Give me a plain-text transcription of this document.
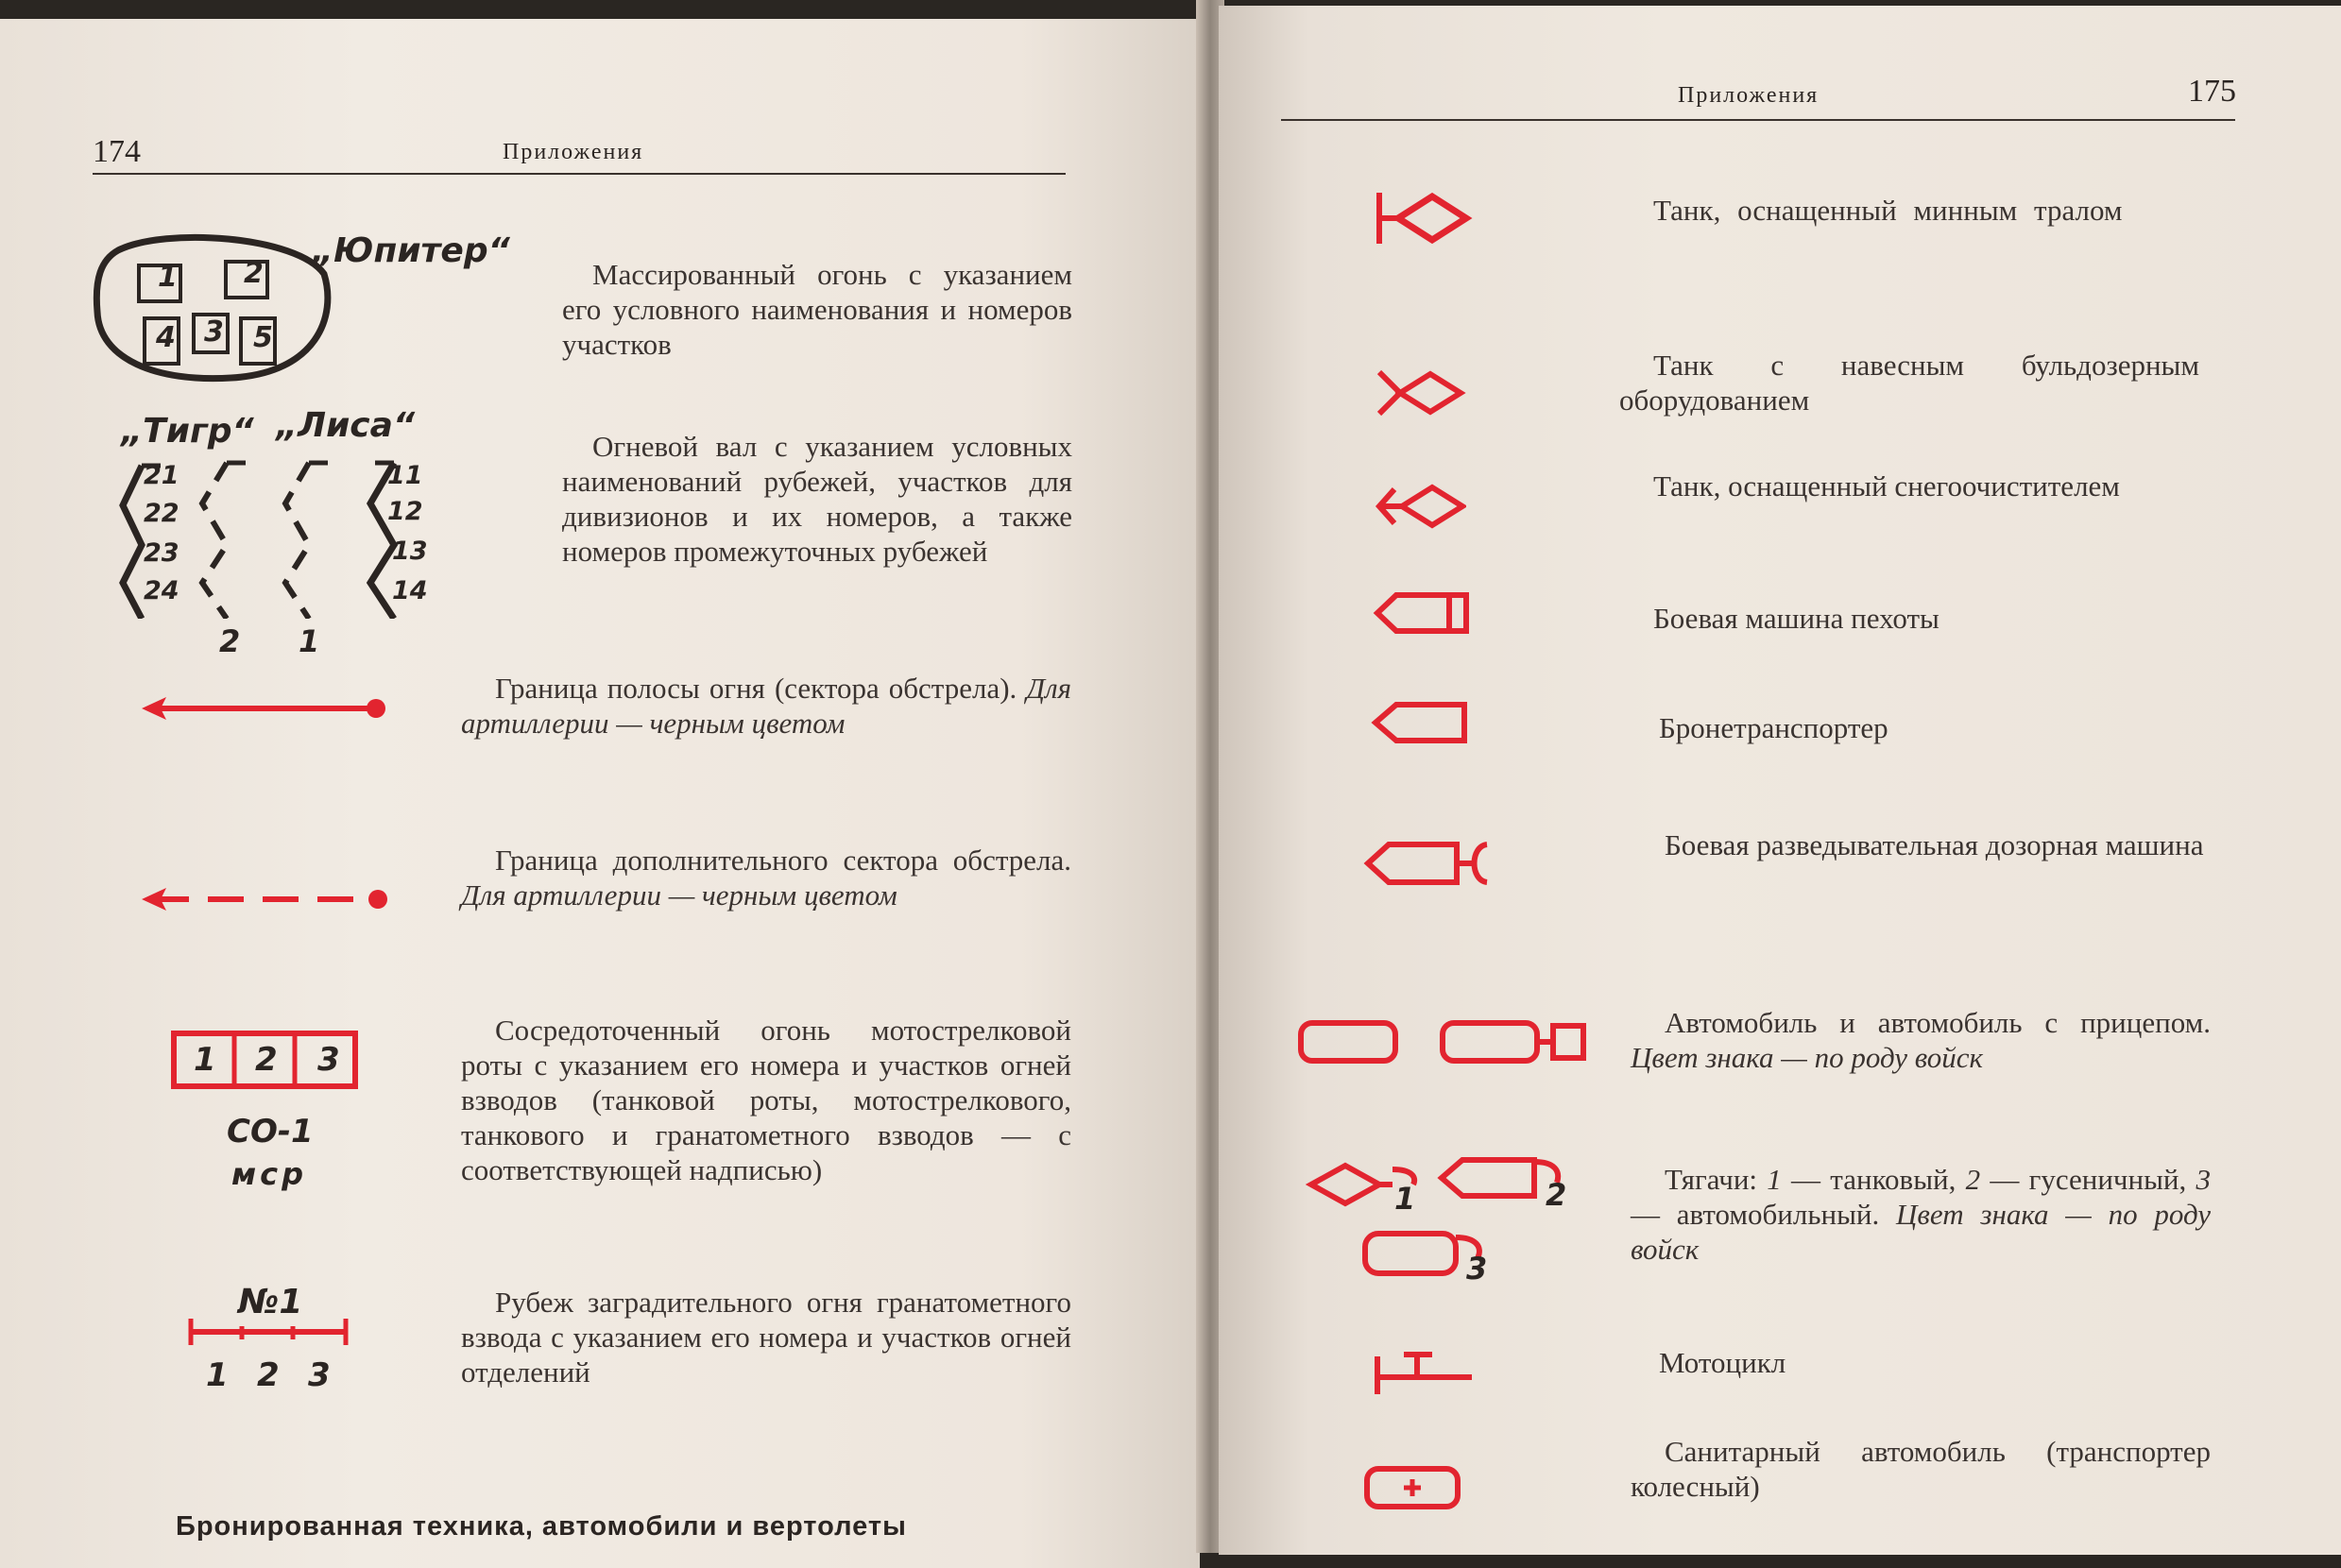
174	Приложения
1 2
4 3 5
„Юпитер“
Массированный огонь с указанием его условного наименования и номеров участков
„Тигр“ „Лиса“
21
22
23
24
11
12
13
14
2 1
Огневой вал с указанием условных наименований рубежей, участков для дивизионов и их номеров, а также номеров промежуточных рубежей
Граница полосы огня (сектора обстрела). Для артиллерии — черным цветом
Граница дополнительного сектора обстрела. Для артиллерии — черным цветом
1 2 3
СО-1
мср
Сосредоточенный огонь мотострелковой роты с указанием его номера и участков огней взводов (танковой роты, мотострелкового, танкового и гранатометного взводов — с соответствующей надписью)
№1
1 2 3
Рубеж заградительного огня гранатометного взвода с указанием его номера и участков огней отделений
Бронированная техника, автомобили и вертолеты
Приложения	175
Танк, оснащенный минным тралом
Танк с навесным бульдозерным оборудованием
Танк, оснащенный снегоочистителем
Боевая машина пехоты
Бронетранспортер
Боевая разведывательная дозорная машина
Автомобиль и автомобиль с прицепом. Цвет знака — по роду войск
1	2
3
Тягачи: 1 — танковый, 2 — гусеничный, 3 — автомобильный. Цвет знака — по роду войск
Мотоцикл
Санитарный автомобиль (транспортер колесный)
